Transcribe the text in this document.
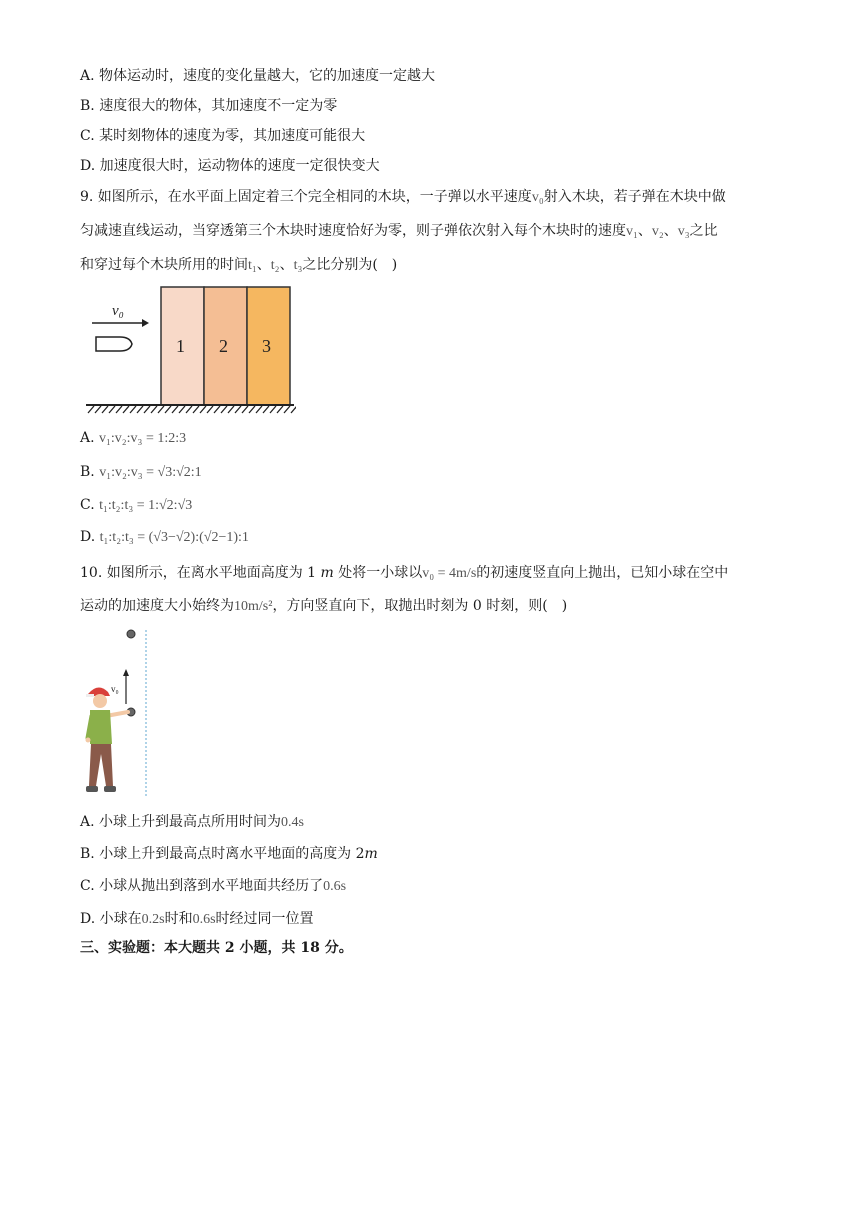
A. 物体运动时，速度的变化量越大，它的加速度一定越大
B. 速度很大的物体，其加速度不一定为零
C. 某时刻物体的速度为零，其加速度可能很大
D. 加速度很大时，运动物体的速度一定很快变大
9. 如图所示，在水平面上固定着三个完全相同的木块，一子弹以水平速度v₀射入木块，若子弹在木块中做
匀减速直线运动，当穿透第三个木块时速度恰好为零，则子弹依次射入每个木块时的速度v₁、v₂、v₃之比
和穿过每个木块所用的时间t₁、t₂、t₃之比分别为(　)
v₀
1 2 3
A. v₁:v₂:v₃ = 1:2:3
B. v₁:v₂:v₃ = √3:√2:1
C. t₁:t₂:t₃ = 1:√2:√3
D. t₁:t₂:t₃ = (√3−√2):(√2−1):1
10. 如图所示，在离水平地面高度为 1 m 处将一小球以v₀ = 4m/s的初速度竖直向上抛出，已知小球在空中
运动的加速度大小始终为10m/s²，方向竖直向下，取抛出时刻为 0 时刻，则(　)
v₀
A. 小球上升到最高点所用时间为0.4s
B. 小球上升到最高点时离水平地面的高度为 2m
C. 小球从抛出到落到水平地面共经历了0.6s
D. 小球在0.2s时和0.6s时经过同一位置
三、实验题：本大题共 2 小题，共 18 分。
